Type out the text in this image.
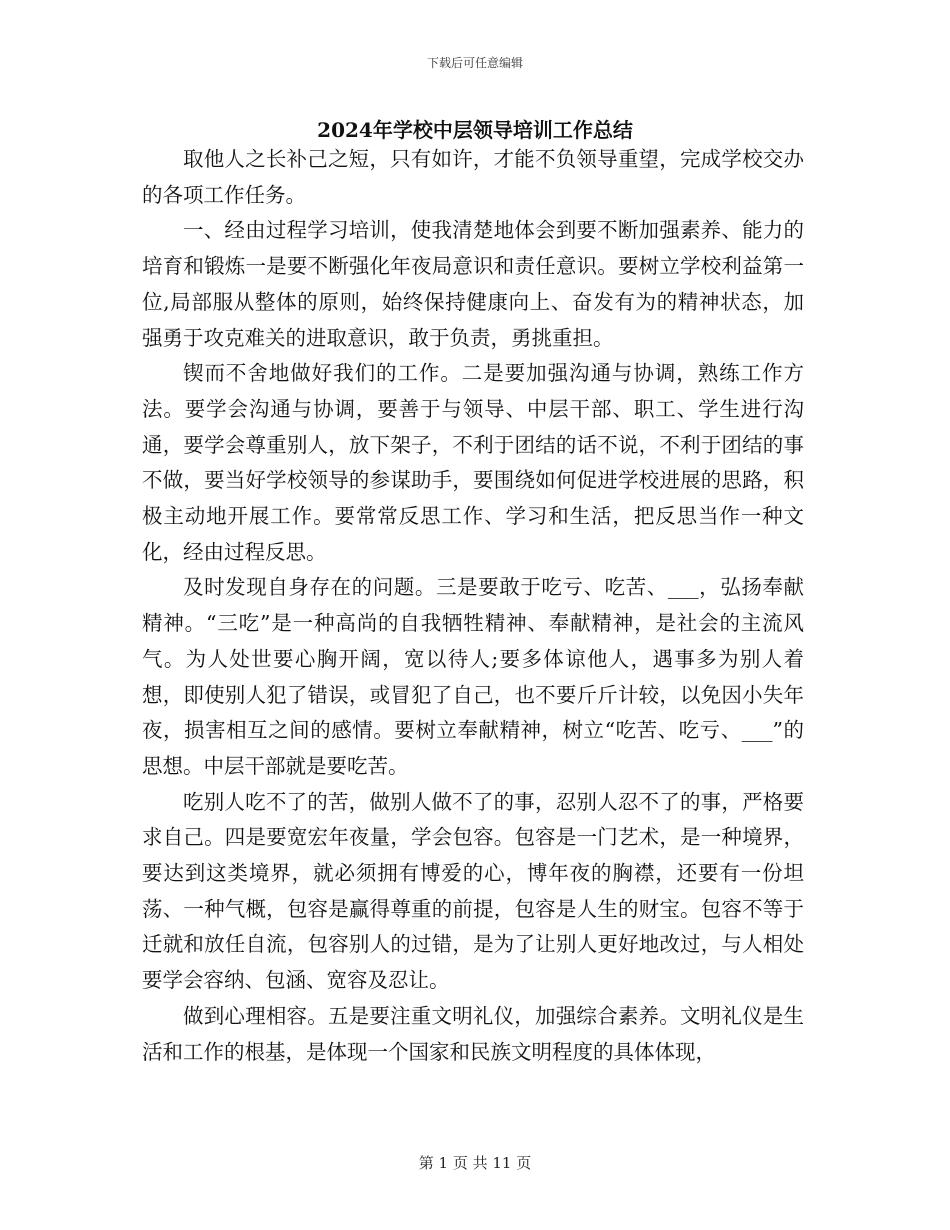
下载后可任意编辑
2024年学校中层领导培训工作总结

取他人之长补己之短，只有如许，才能不负领导重望，完成学校交办的各项工作任务。

一、经由过程学习培训，使我清楚地体会到要不断加强素养、能力的培育和锻炼一是要不断强化年夜局意识和责任意识。要树立学校利益第一位,局部服从整体的原则，始终保持健康向上、奋发有为的精神状态，加强勇于攻克难关的进取意识，敢于负责，勇挑重担。

锲而不舍地做好我们的工作。二是要加强沟通与协调，熟练工作方法。要学会沟通与协调，要善于与领导、中层干部、职工、学生进行沟通，要学会尊重别人，放下架子，不利于团结的话不说，不利于团结的事不做，要当好学校领导的参谋助手，要围绕如何促进学校进展的思路，积极主动地开展工作。要常常反思工作、学习和生活，把反思当作一种文化，经由过程反思。

及时发现自身存在的问题。三是要敢于吃亏、吃苦、___，弘扬奉献精神。“三吃”是一种高尚的自我牺牲精神、奉献精神，是社会的主流风气。为人处世要心胸开阔，宽以待人;要多体谅他人，遇事多为别人着想，即使别人犯了错误，或冒犯了自己，也不要斤斤计较，以免因小失年夜，损害相互之间的感情。要树立奉献精神，树立“吃苦、吃亏、___”的思想。中层干部就是要吃苦。

吃别人吃不了的苦，做别人做不了的事，忍别人忍不了的事，严格要求自己。四是要宽宏年夜量，学会包容。包容是一门艺术，是一种境界，要达到这类境界，就必须拥有博爱的心，博年夜的胸襟，还要有一份坦荡、一种气概，包容是赢得尊重的前提，包容是人生的财宝。包容不等于迁就和放任自流，包容别人的过错，是为了让别人更好地改过，与人相处要学会容纳、包涵、宽容及忍让。

做到心理相容。五是要注重文明礼仪，加强综合素养。文明礼仪是生活和工作的根基，是体现一个国家和民族文明程度的具体体现，

第 1 页 共 11 页
